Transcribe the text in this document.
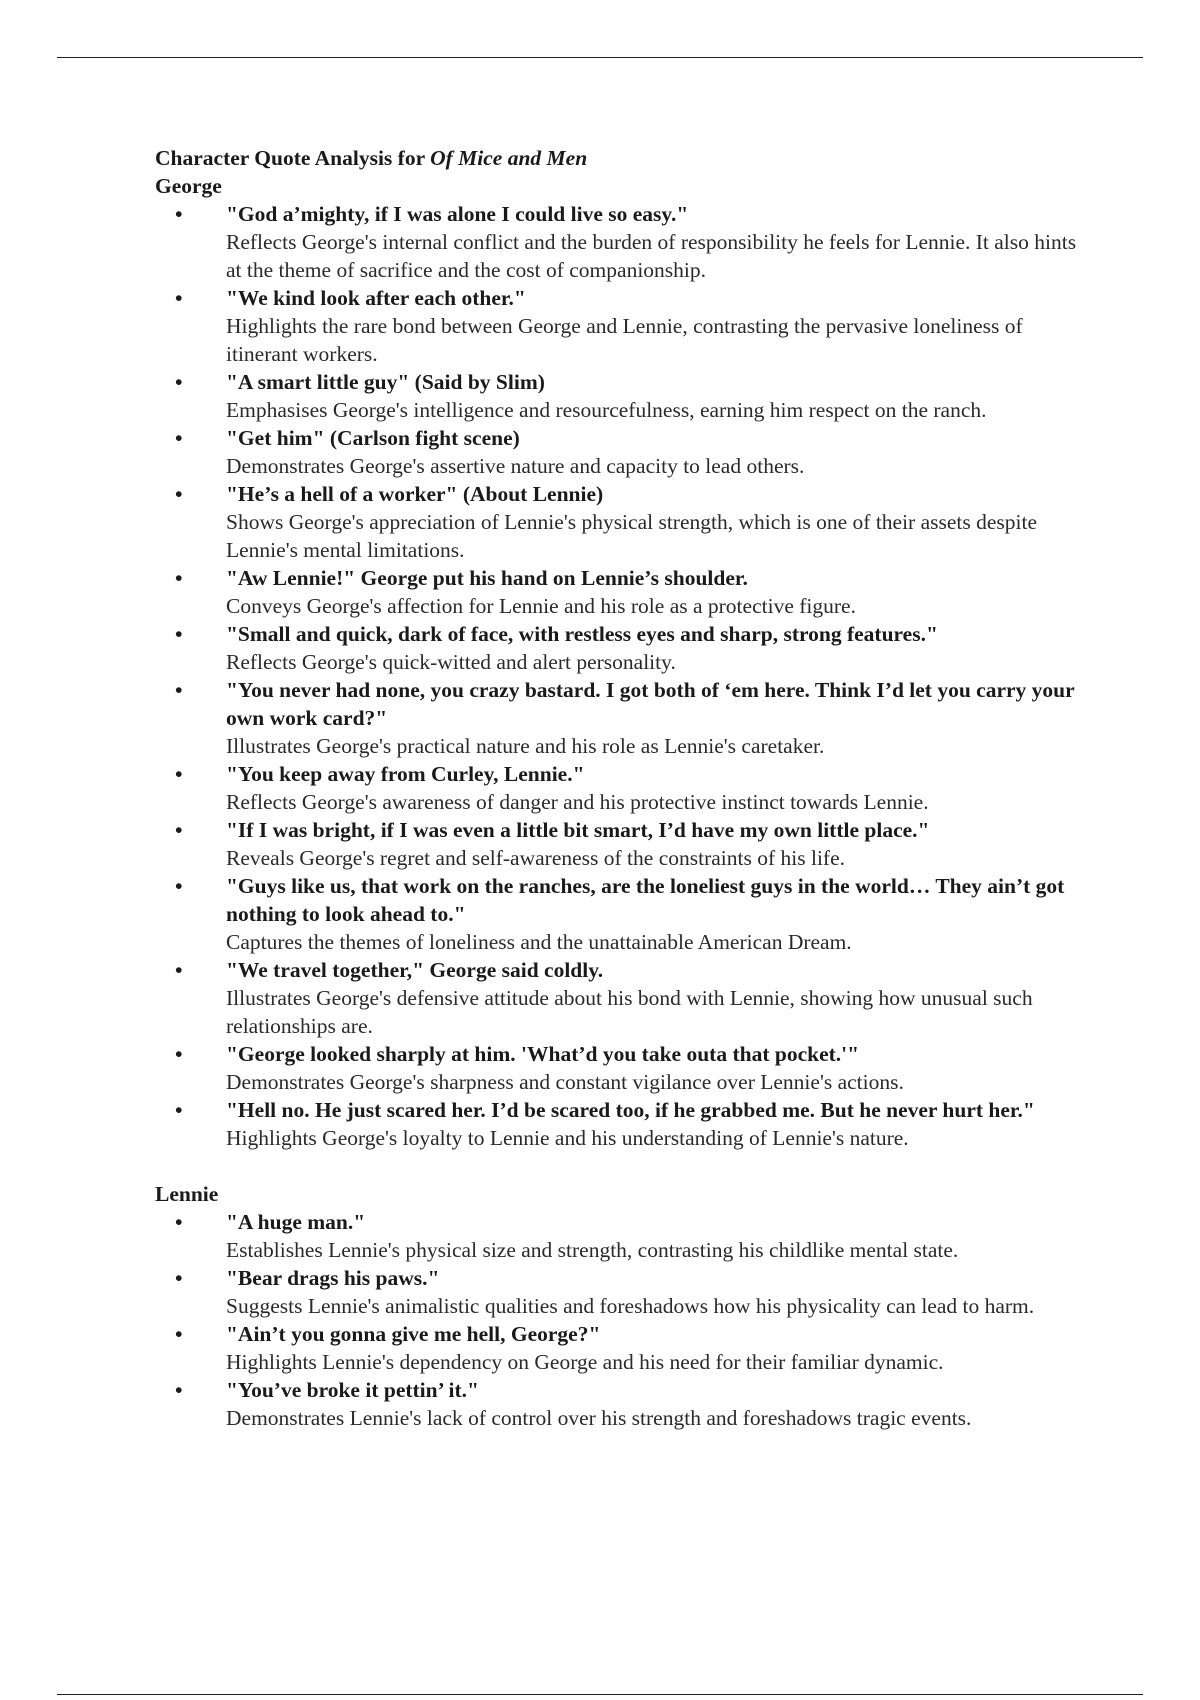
Character Quote Analysis for Of Mice and Men

George

• "God a’mighty, if I was alone I could live so easy."
Reflects George's internal conflict and the burden of responsibility he feels for Lennie. It also hints at the theme of sacrifice and the cost of companionship.
• "We kind look after each other."
Highlights the rare bond between George and Lennie, contrasting the pervasive loneliness of itinerant workers.
• "A smart little guy" (Said by Slim)
Emphasises George's intelligence and resourcefulness, earning him respect on the ranch.
• "Get him" (Carlson fight scene)
Demonstrates George's assertive nature and capacity to lead others.
• "He’s a hell of a worker" (About Lennie)
Shows George's appreciation of Lennie's physical strength, which is one of their assets despite Lennie's mental limitations.
• "Aw Lennie!" George put his hand on Lennie’s shoulder.
Conveys George's affection for Lennie and his role as a protective figure.
• "Small and quick, dark of face, with restless eyes and sharp, strong features."
Reflects George's quick-witted and alert personality.
• "You never had none, you crazy bastard. I got both of ‘em here. Think I’d let you carry your own work card?"
Illustrates George's practical nature and his role as Lennie's caretaker.
• "You keep away from Curley, Lennie."
Reflects George's awareness of danger and his protective instinct towards Lennie.
• "If I was bright, if I was even a little bit smart, I’d have my own little place."
Reveals George's regret and self-awareness of the constraints of his life.
• "Guys like us, that work on the ranches, are the loneliest guys in the world… They ain’t got nothing to look ahead to."
Captures the themes of loneliness and the unattainable American Dream.
• "We travel together," George said coldly.
Illustrates George's defensive attitude about his bond with Lennie, showing how unusual such relationships are.
• "George looked sharply at him. 'What’d you take outa that pocket.'"
Demonstrates George's sharpness and constant vigilance over Lennie's actions.
• "Hell no. He just scared her. I’d be scared too, if he grabbed me. But he never hurt her."
Highlights George's loyalty to Lennie and his understanding of Lennie's nature.

Lennie

• "A huge man."
Establishes Lennie's physical size and strength, contrasting his childlike mental state.
• "Bear drags his paws."
Suggests Lennie's animalistic qualities and foreshadows how his physicality can lead to harm.
• "Ain’t you gonna give me hell, George?"
Highlights Lennie's dependency on George and his need for their familiar dynamic.
• "You’ve broke it pettin’ it."
Demonstrates Lennie's lack of control over his strength and foreshadows tragic events.
